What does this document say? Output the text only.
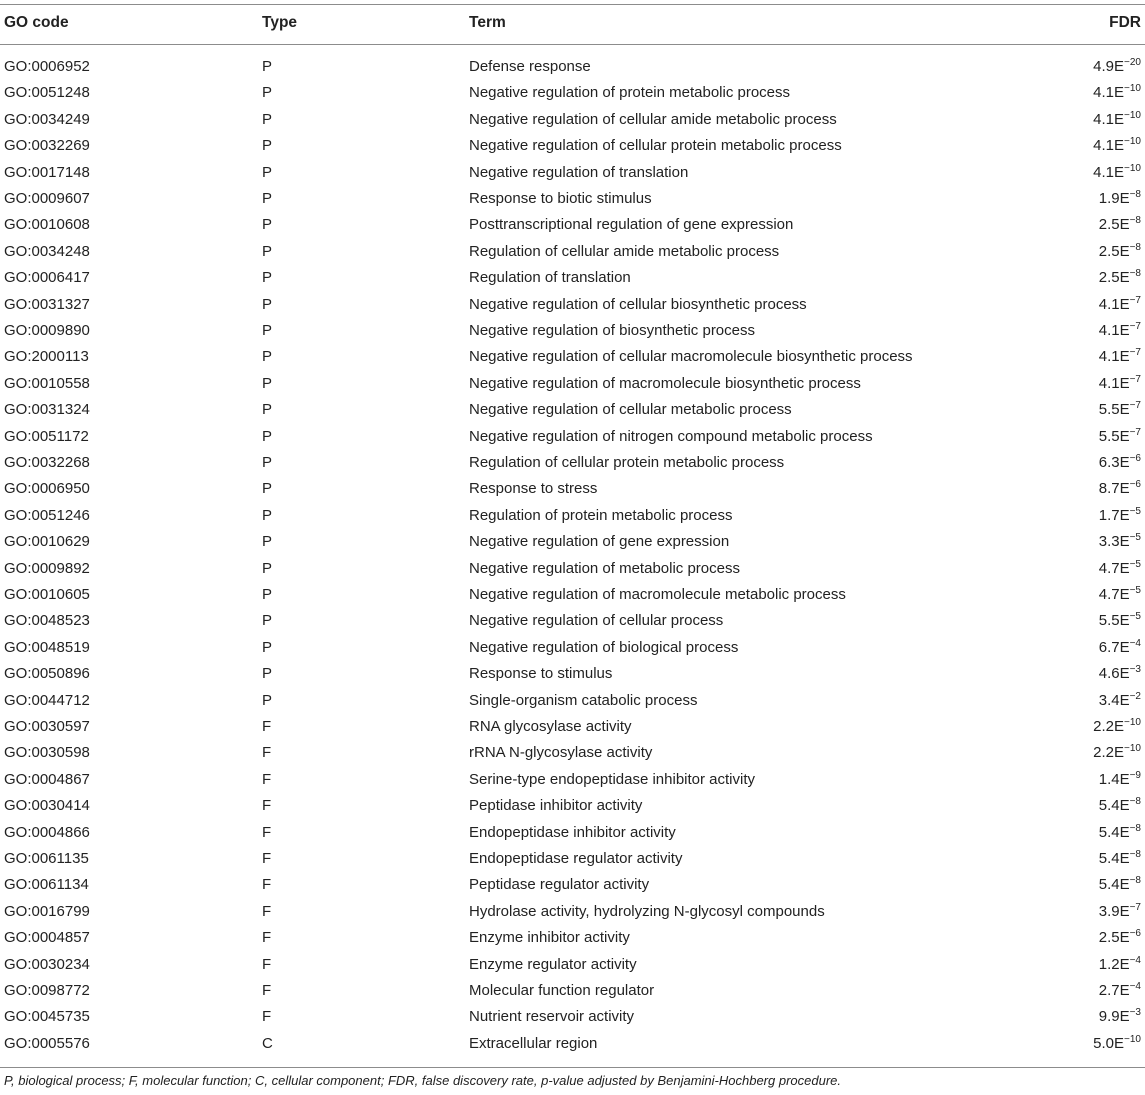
GO code	Type	Term	FDR
GO:0006952	P	Defense response	$4.9E^{-20}$
GO:0051248	P	Negative regulation of protein metabolic process	$4.1E^{-10}$
GO:0034249	P	Negative regulation of cellular amide metabolic process	$4.1E^{-10}$
GO:0032269	P	Negative regulation of cellular protein metabolic process	$4.1E^{-10}$
GO:0017148	P	Negative regulation of translation	$4.1E^{-10}$
GO:0009607	P	Response to biotic stimulus	$1.9E^{-8}$
GO:0010608	P	Posttranscriptional regulation of gene expression	$2.5E^{-8}$
GO:0034248	P	Regulation of cellular amide metabolic process	$2.5E^{-8}$
GO:0006417	P	Regulation of translation	$2.5E^{-8}$
GO:0031327	P	Negative regulation of cellular biosynthetic process	$4.1E^{-7}$
GO:0009890	P	Negative regulation of biosynthetic process	$4.1E^{-7}$
GO:2000113	P	Negative regulation of cellular macromolecule biosynthetic process	$4.1E^{-7}$
GO:0010558	P	Negative regulation of macromolecule biosynthetic process	$4.1E^{-7}$
GO:0031324	P	Negative regulation of cellular metabolic process	$5.5E^{-7}$
GO:0051172	P	Negative regulation of nitrogen compound metabolic process	$5.5E^{-7}$
GO:0032268	P	Regulation of cellular protein metabolic process	$6.3E^{-6}$
GO:0006950	P	Response to stress	$8.7E^{-6}$
GO:0051246	P	Regulation of protein metabolic process	$1.7E^{-5}$
GO:0010629	P	Negative regulation of gene expression	$3.3E^{-5}$
GO:0009892	P	Negative regulation of metabolic process	$4.7E^{-5}$
GO:0010605	P	Negative regulation of macromolecule metabolic process	$4.7E^{-5}$
GO:0048523	P	Negative regulation of cellular process	$5.5E^{-5}$
GO:0048519	P	Negative regulation of biological process	$6.7E^{-4}$
GO:0050896	P	Response to stimulus	$4.6E^{-3}$
GO:0044712	P	Single-organism catabolic process	$3.4E^{-2}$
GO:0030597	F	RNA glycosylase activity	$2.2E^{-10}$
GO:0030598	F	rRNA N-glycosylase activity	$2.2E^{-10}$
GO:0004867	F	Serine-type endopeptidase inhibitor activity	$1.4E^{-9}$
GO:0030414	F	Peptidase inhibitor activity	$5.4E^{-8}$
GO:0004866	F	Endopeptidase inhibitor activity	$5.4E^{-8}$
GO:0061135	F	Endopeptidase regulator activity	$5.4E^{-8}$
GO:0061134	F	Peptidase regulator activity	$5.4E^{-8}$
GO:0016799	F	Hydrolase activity, hydrolyzing N-glycosyl compounds	$3.9E^{-7}$
GO:0004857	F	Enzyme inhibitor activity	$2.5E^{-6}$
GO:0030234	F	Enzyme regulator activity	$1.2E^{-4}$
GO:0098772	F	Molecular function regulator	$2.7E^{-4}$
GO:0045735	F	Nutrient reservoir activity	$9.9E^{-3}$
GO:0005576	C	Extracellular region	$5.0E^{-10}$
P, biological process; F, molecular function; C, cellular component; FDR, false discovery rate, p-value adjusted by Benjamini-Hochberg procedure.
